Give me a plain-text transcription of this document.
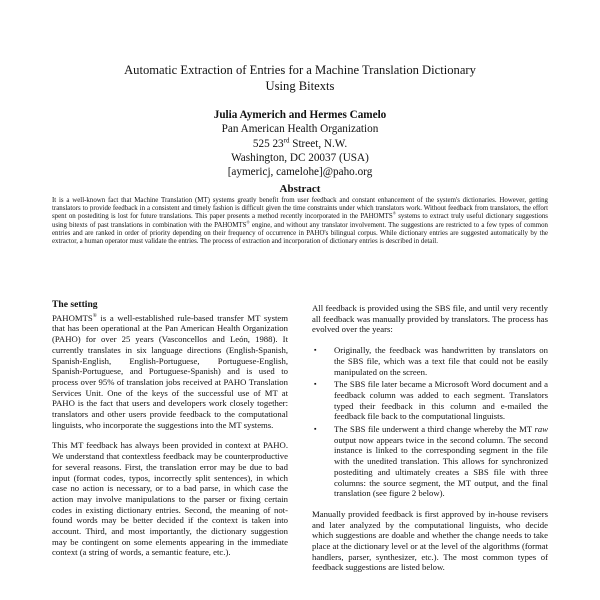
Automatic Extraction of Entries for a Machine Translation Dictionary
Using Bitexts
Julia Aymerich and Hermes Camelo
Pan American Health Organization
525 23rd Street, N.W.
Washington, DC 20037 (USA)
[aymericj, camelohe]@paho.org
Abstract

It is a well-known fact that Machine Translation (MT) systems greatly benefit from user feedback and constant enhancement of the system's dictionaries. However, getting translators to provide feedback in a consistent and timely fashion is difficult given the time constraints under which translators work. Without feedback from translators, the effort spent on postediting is lost for future translations. This paper presents a method recently incorporated in the PAHOMTS® systems to extract truly useful dictionary suggestions using bitexts of past translations in combination with the PAHOMTS® engine, and without any translator involvement. The suggestions are restricted to a few types of common entries and are ranked in order of priority depending on their frequency of occurrence in PAHO's bilingual corpus. While dictionary entries are suggested automatically by the extractor, a human operator must validate the entries. The process of extraction and incorporation of dictionary entries is described in detail.

The setting

PAHOMTS® is a well-established rule-based transfer MT system that has been operational at the Pan American Health Organization (PAHO) for over 25 years (Vasconcellos and León, 1988). It currently translates in six language directions (English-Spanish, Spanish-English, English-Portuguese, Portuguese-English, Spanish-Portuguese, and Portuguese-Spanish) and is used to process over 95% of translation jobs received at PAHO Translation Services Unit. One of the keys of the successful use of MT at PAHO is the fact that users and developers work closely together: translators and other users provide feedback to the computational linguists, who incorporate the suggestions into the MT systems.

This MT feedback has always been provided in context at PAHO. We understand that contextless feedback may be counterproductive for several reasons. First, the translation error may be due to bad input (format codes, typos, incorrectly split sentences), in which case no action is necessary, or to a bad parse, in which case the action may involve manipulations to the parser or fixing certain codes in existing dictionary entries. Second, the meaning of not-found words may be better decided if the context is taken into account. Third, and most importantly, the dictionary suggestion may be contingent on some elements appearing in the immediate context (a string of words, a semantic feature, etc.).

All feedback is provided using the SBS file, and until very recently all feedback was manually provided by translators. The process has evolved over the years:

▪ Originally, the feedback was handwritten by translators on the SBS file, which was a text file that could not be easily manipulated on the screen.
▪ The SBS file later became a Microsoft Word document and a feedback column was added to each segment. Translators typed their feedback in this column and e-mailed the feedback file back to the computational linguists.
▪ The SBS file underwent a third change whereby the MT raw output now appears twice in the second column. The second instance is linked to the corresponding segment in the file with the unedited translation. This allows for synchronized postediting and ultimately creates a SBS file with three columns: the source segment, the MT output, and the final translation (see figure 2 below).

Manually provided feedback is first approved by in-house revisers and later analyzed by the computational linguists, who decide which suggestions are doable and whether the change needs to take place at the dictionary level or at the level of the algorithms (format handlers, parser, synthesizer, etc.). The most common types of feedback suggestions are listed below.
